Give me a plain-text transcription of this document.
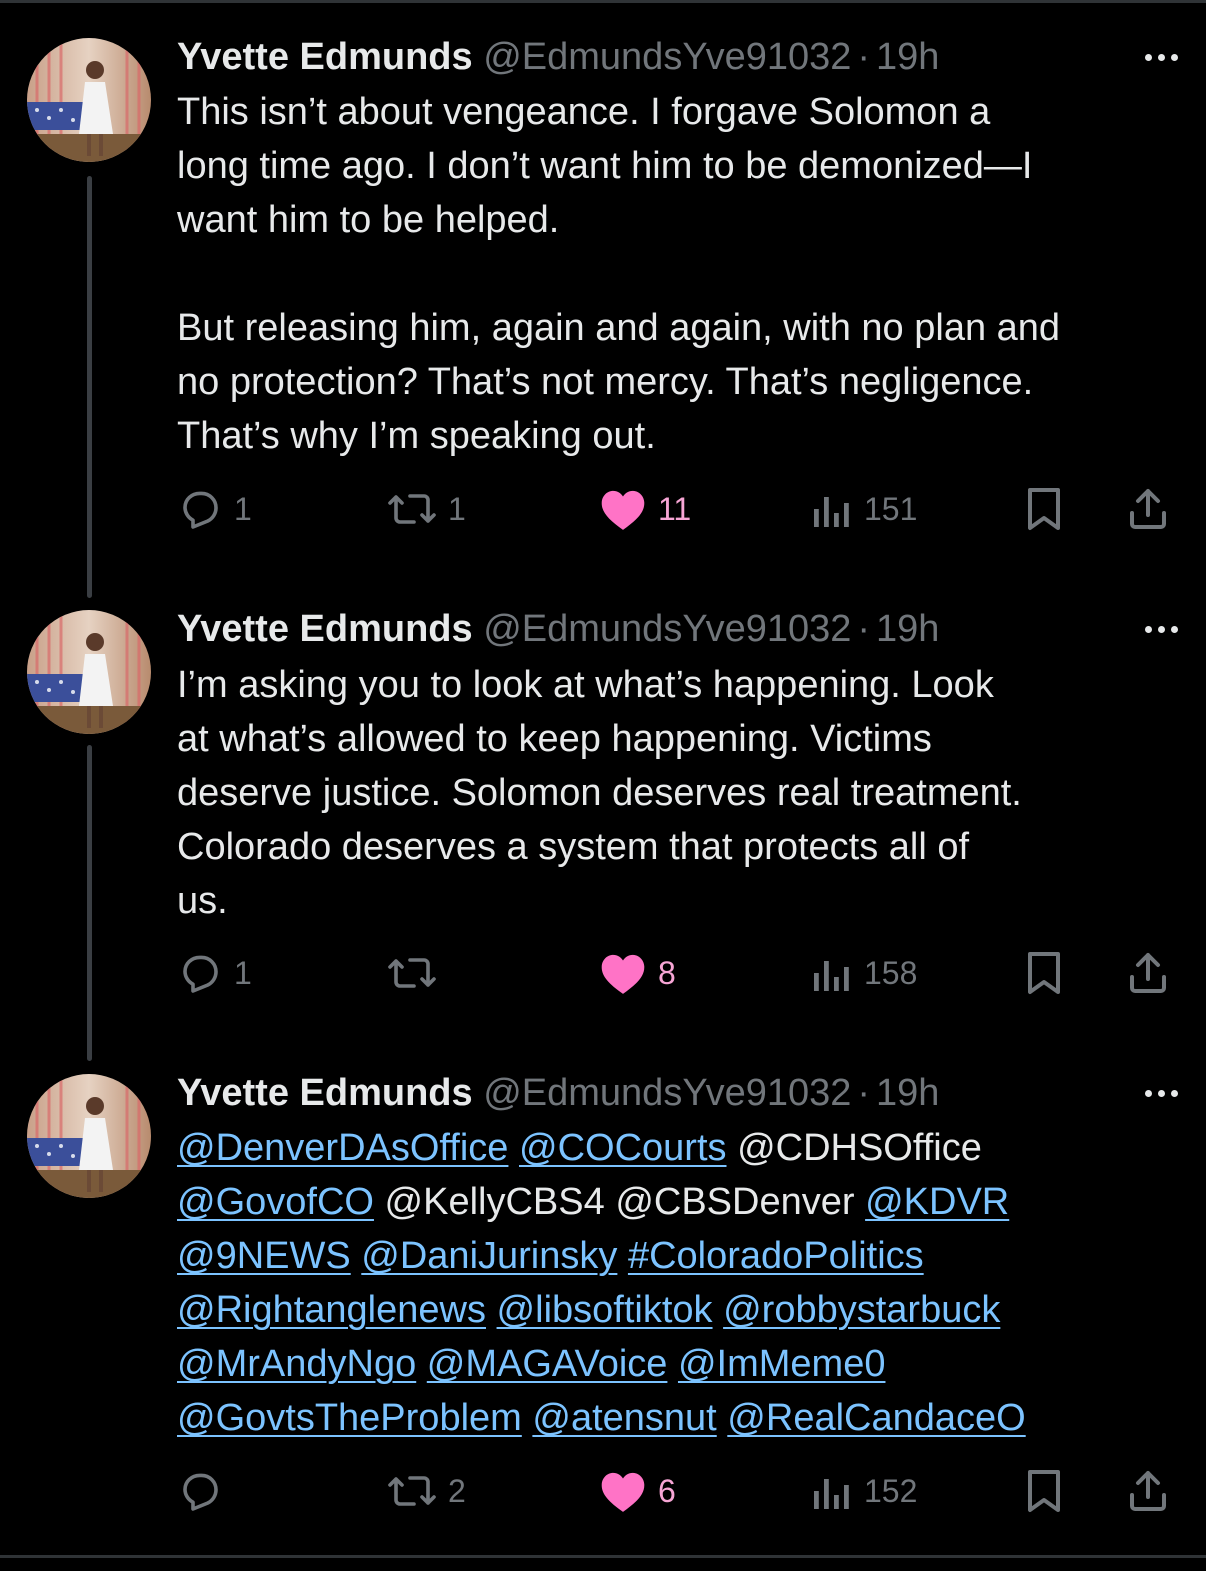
Yvette Edmunds @EdmundsYve91032 · 19h
This isn’t about vengeance. I forgave Solomon a
long time ago. I don’t want him to be demonized—I
want him to be helped.

But releasing him, again and again, with no plan and
no protection? That’s not mercy. That’s negligence.
That’s why I’m speaking out.
1	1	11	151
Yvette Edmunds @EdmundsYve91032 · 19h
I’m asking you to look at what’s happening. Look
at what’s allowed to keep happening. Victims
deserve justice. Solomon deserves real treatment.
Colorado deserves a system that protects all of
us.
1	8	158
Yvette Edmunds @EdmundsYve91032 · 19h
@DenverDAsOffice @COCourts @CDHSOffice @GovofCO @KellyCBS4 @CBSDenver @KDVR @9NEWS @DaniJurinsky #ColoradoPolitics @Rightanglenews @libsoftiktok @robbystarbuck @MrAndyNgo @MAGAVoice @ImMeme0 @GovtsTheProblem @atensnut @RealCandaceO
2	6	152
